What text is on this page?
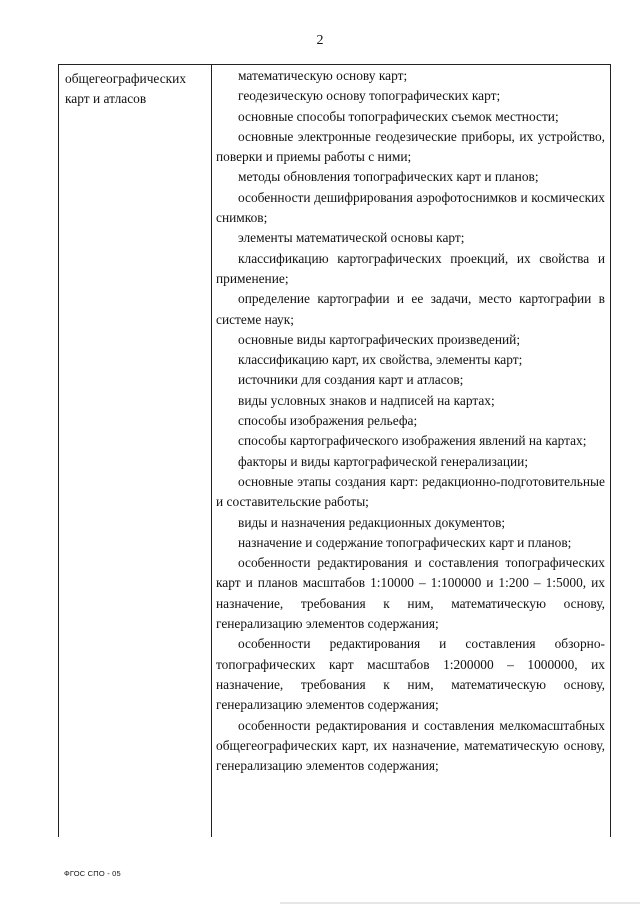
2
общегеографических
карт и атласов

математическую основу карт;

геодезическую основу топографических карт;

основные способы топографических съемок местности;

основные электронные геодезические приборы, их устройство, поверки и приемы работы с ними;

методы обновления топографических карт и планов;

особенности дешифрирования аэрофотоснимков и космических снимков;

элементы математической основы карт;

классификацию картографических проекций, их свойства и применение;

определение картографии и ее задачи, место картографии в системе наук;

основные виды картографических произведений;

классификацию карт, их свойства, элементы карт;

источники для создания карт и атласов;

виды условных знаков и надписей на картах;

способы изображения рельефа;

способы картографического изображения явлений на картах;

факторы и виды картографической генерализации;

основные этапы создания карт: редакционно-подготовительные и составительские работы;

виды и назначения редакционных документов;

назначение и содержание топографических карт и планов;

особенности редактирования и составления топографических карт и планов масштабов 1:10000 – 1:100000 и 1:200 – 1:5000, их назначение, требования к ним, математическую основу, генерализацию элементов содержания;

особенности редактирования и составления обзорно-топографических карт масштабов 1:200000 – 1000000, их назначение, требования к ним, математическую основу, генерализацию элементов содержания;

особенности редактирования и составления мелкомасштабных общегеографических карт, их назначение, математическую основу, генерализацию элементов содержания;

ФГОС СПО - 05
